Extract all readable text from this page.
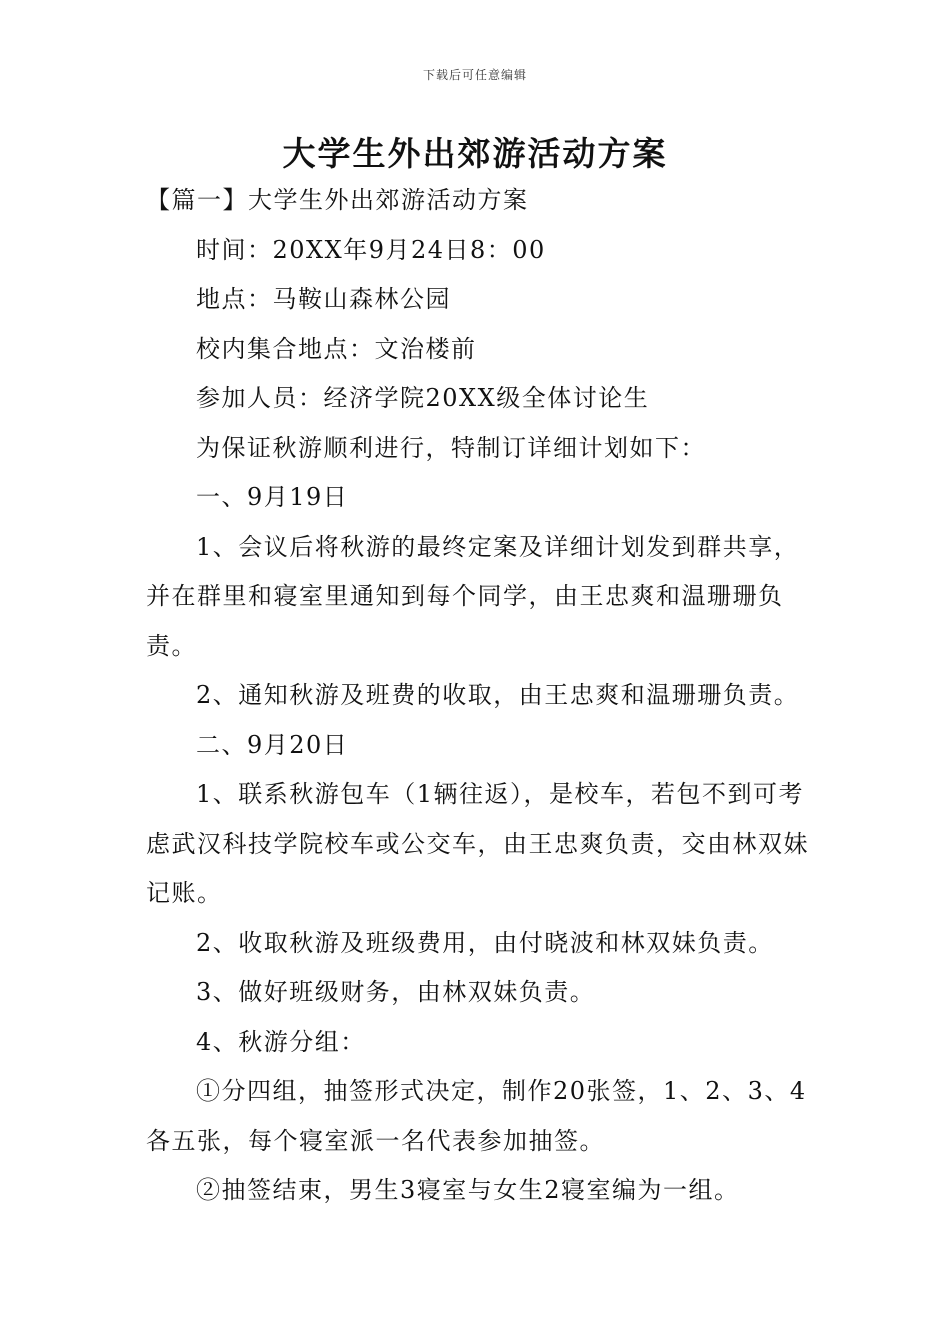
下载后可任意编辑
大学生外出郊游活动方案

【篇一】大学生外出郊游活动方案

时间：20XX年9月24日8：00

地点：马鞍山森林公园

校内集合地点：文治楼前

参加人员：经济学院20XX级全体讨论生

为保证秋游顺利进行，特制订详细计划如下：

一、9月19日

1、会议后将秋游的最终定案及详细计划发到群共享，并在群里和寝室里通知到每个同学，由王忠爽和温珊珊负责。

2、通知秋游及班费的收取，由王忠爽和温珊珊负责。

二、9月20日

1、联系秋游包车（1辆往返），是校车，若包不到可考虑武汉科技学院校车或公交车，由王忠爽负责，交由林双妹记账。

2、收取秋游及班级费用，由付晓波和林双妹负责。

3、做好班级财务，由林双妹负责。

4、秋游分组：

①分四组，抽签形式决定，制作20张签，1、2、3、4各五张，每个寝室派一名代表参加抽签。

②抽签结束，男生3寝室与女生2寝室编为一组。
